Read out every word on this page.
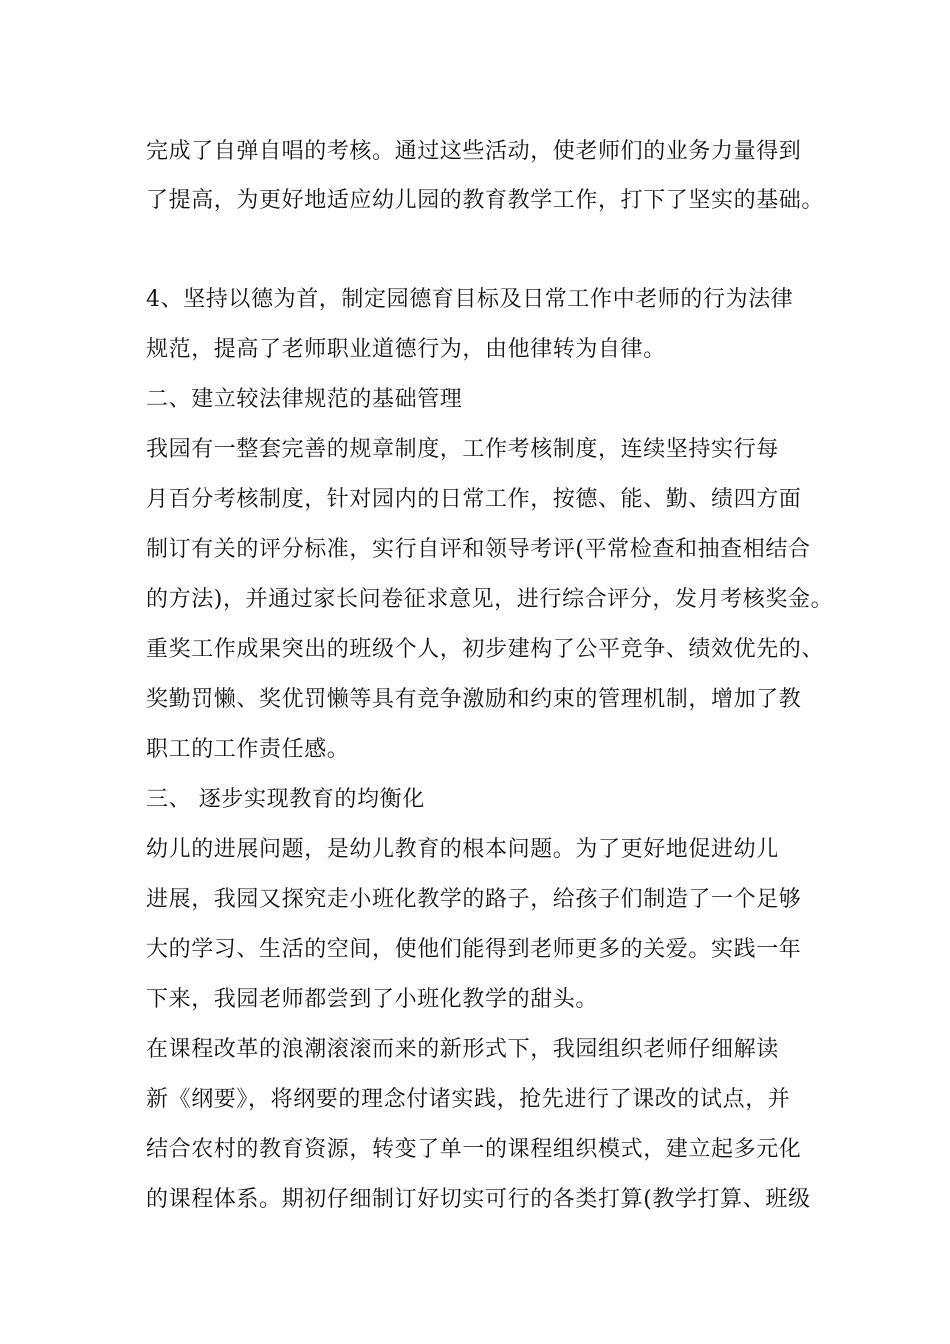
完成了自弹自唱的考核。通过这些活动，使老师们的业务力量得到
了提高，为更好地适应幼儿园的教育教学工作，打下了坚实的基础。
4、坚持以德为首，制定园德育目标及日常工作中老师的行为法律
规范，提高了老师职业道德行为，由他律转为自律。
二、建立较法律规范的基础管理
我园有一整套完善的规章制度，工作考核制度，连续坚持实行每
月百分考核制度，针对园内的日常工作，按德、能、勤、绩四方面
制订有关的评分标准，实行自评和领导考评(平常检查和抽查相结合
的方法)，并通过家长问卷征求意见，进行综合评分，发月考核奖金。
重奖工作成果突出的班级个人，初步建构了公平竞争、绩效优先的、
奖勤罚懒、奖优罚懒等具有竞争激励和约束的管理机制，增加了教
职工的工作责任感。
三、 逐步实现教育的均衡化
幼儿的进展问题，是幼儿教育的根本问题。为了更好地促进幼儿
进展，我园又探究走小班化教学的路子，给孩子们制造了一个足够
大的学习、生活的空间，使他们能得到老师更多的关爱。实践一年
下来，我园老师都尝到了小班化教学的甜头。
在课程改革的浪潮滚滚而来的新形式下，我园组织老师仔细解读
新《纲要》，将纲要的理念付诸实践，抢先进行了课改的试点，并
结合农村的教育资源，转变了单一的课程组织模式，建立起多元化
的课程体系。期初仔细制订好切实可行的各类打算(教学打算、班级
